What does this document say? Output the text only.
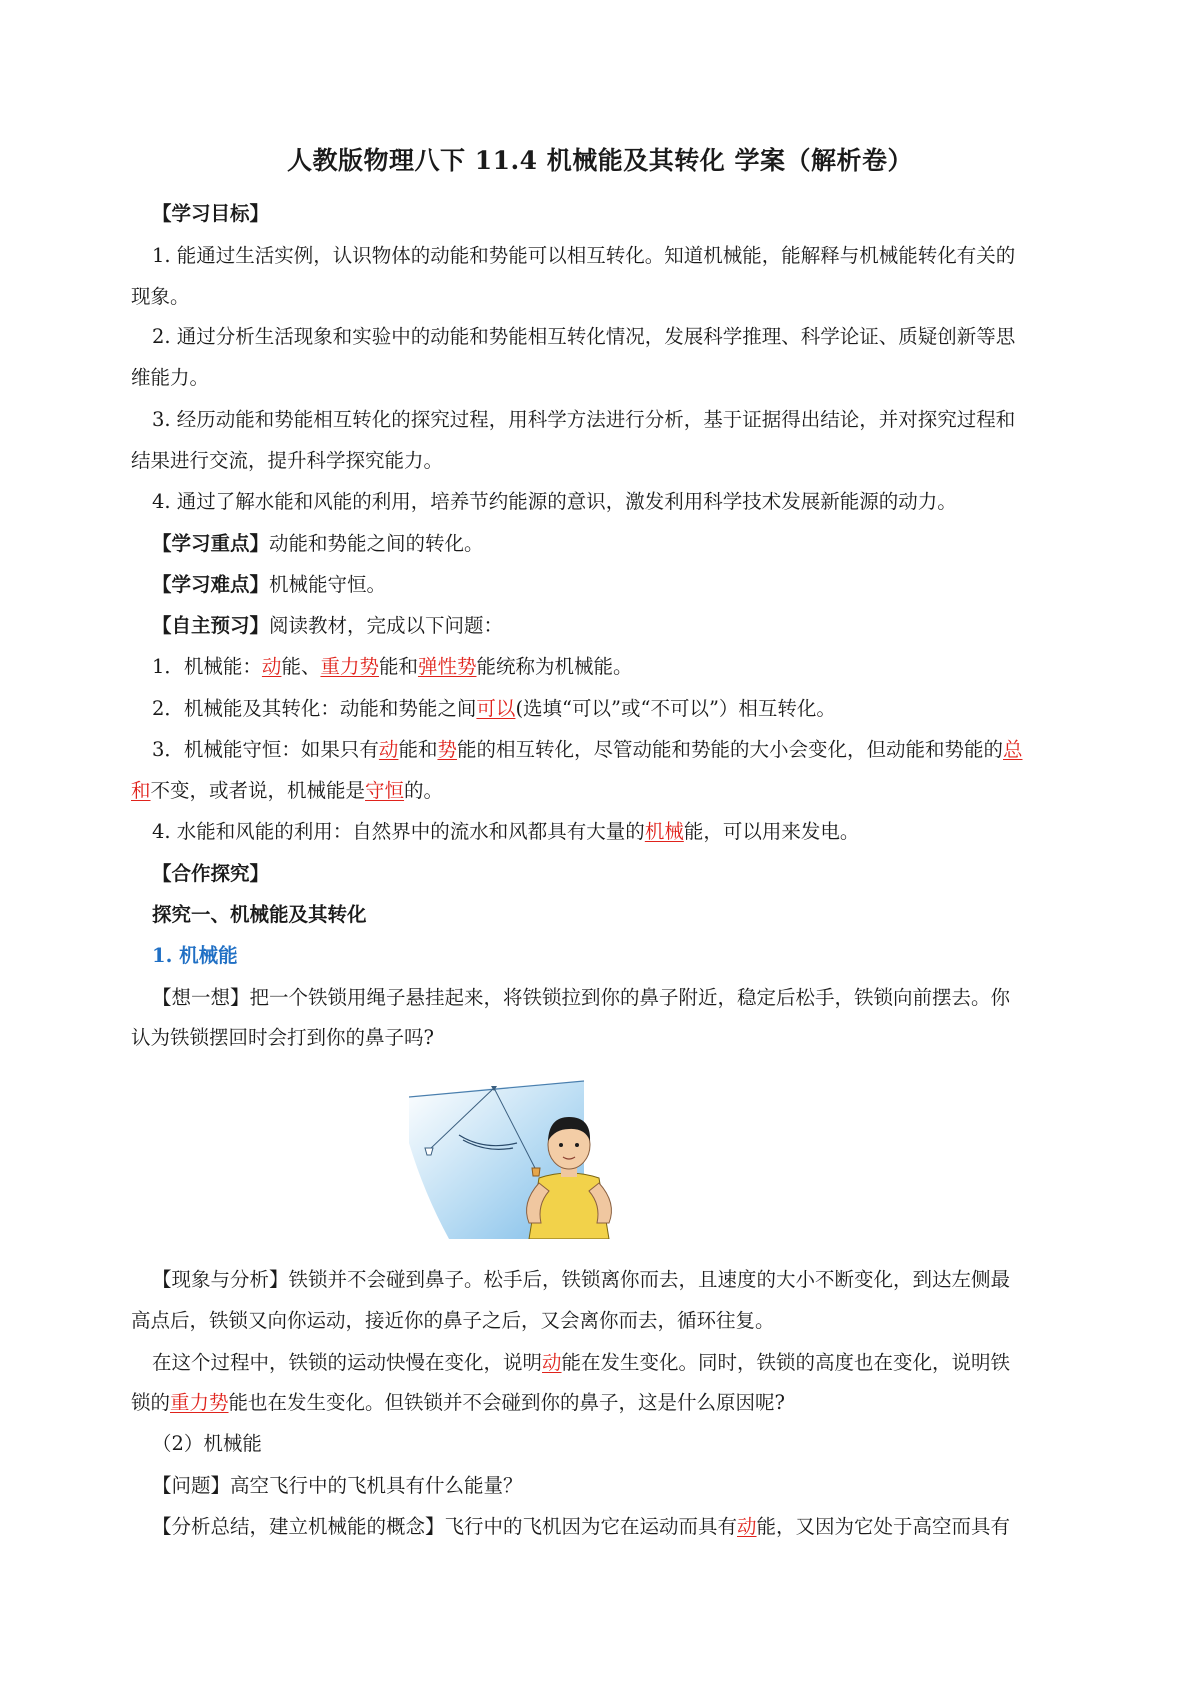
人教版物理八下 11.4 机械能及其转化 学案（解析卷）
【学习目标】
1. 能通过生活实例，认识物体的动能和势能可以相互转化。知道机械能，能解释与机械能转化有关的
现象。
2. 通过分析生活现象和实验中的动能和势能相互转化情况，发展科学推理、科学论证、质疑创新等思
维能力。
3. 经历动能和势能相互转化的探究过程，用科学方法进行分析，基于证据得出结论，并对探究过程和
结果进行交流，提升科学探究能力。
4. 通过了解水能和风能的利用，培养节约能源的意识，激发利用科学技术发展新能源的动力。
【学习重点】动能和势能之间的转化。
【学习难点】机械能守恒。
【自主预习】阅读教材，完成以下问题：
1．机械能：动能、重力势能和弹性势能统称为机械能。
2．机械能及其转化：动能和势能之间可以(选填“可以”或“不可以”）相互转化。
3．机械能守恒：如果只有动能和势能的相互转化，尽管动能和势能的大小会变化，但动能和势能的总
和不变，或者说，机械能是守恒的。
4. 水能和风能的利用：自然界中的流水和风都具有大量的机械能，可以用来发电。
【合作探究】
探究一、机械能及其转化
1. 机械能
【想一想】把一个铁锁用绳子悬挂起来，将铁锁拉到你的鼻子附近，稳定后松手，铁锁向前摆去。你
认为铁锁摆回时会打到你的鼻子吗?
【现象与分析】铁锁并不会碰到鼻子。松手后，铁锁离你而去，且速度的大小不断变化，到达左侧最
高点后，铁锁又向你运动，接近你的鼻子之后，又会离你而去，循环往复。
在这个过程中，铁锁的运动快慢在变化，说明动能在发生变化。同时，铁锁的高度也在变化，说明铁
锁的重力势能也在发生变化。但铁锁并不会碰到你的鼻子，这是什么原因呢?
（2）机械能
【问题】高空飞行中的飞机具有什么能量？
【分析总结，建立机械能的概念】飞行中的飞机因为它在运动而具有动能，又因为它处于高空而具有
